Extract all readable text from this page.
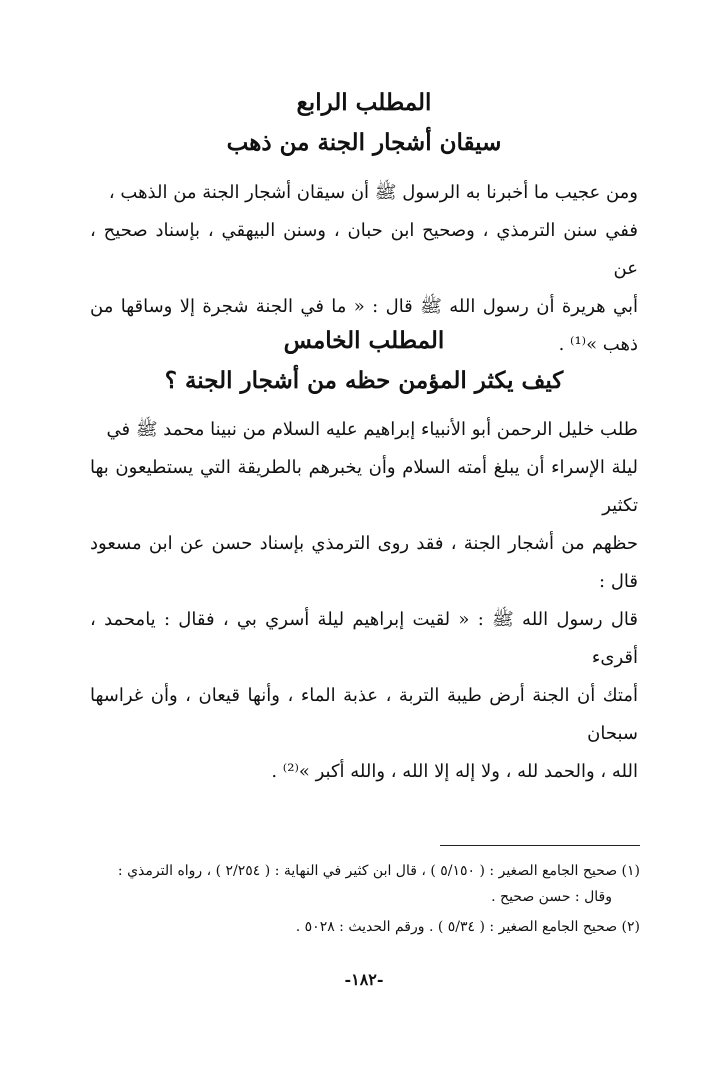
المطلب الرابع
سيقان أشجار الجنة من ذهب
ومن عجيب ما أخبرنا به الرسول ﷺ أن سيقان أشجار الجنة من الذهب ،
ففي سنن الترمذي ، وصحيح ابن حبان ، وسنن البيهقي ، بإسناد صحيح ، عن
أبي هريرة أن رسول الله ﷺ قال : « ما في الجنة شجرة إلا وساقها من ذهب »⁽¹⁾ .
المطلب الخامس
كيف يكثر المؤمن حظه من أشجار الجنة ؟
طلب خليل الرحمن أبو الأنبياء إبراهيم عليه السلام من نبينا محمد ﷺ في
ليلة الإسراء أن يبلغ أمته السلام وأن يخبرهم بالطريقة التي يستطيعون بها تكثير
حظهم من أشجار الجنة ، فقد روى الترمذي بإسناد حسن عن ابن مسعود قال :
قال رسول الله ﷺ : « لقيت إبراهيم ليلة أسري بي ، فقال : يامحمد ، أقرىء
أمتك أن الجنة أرض طيبة التربة ، عذبة الماء ، وأنها قيعان ، وأن غراسها سبحان
الله ، والحمد لله ، ولا إله إلا الله ، والله أكبر »⁽²⁾ .
(١) صحيح الجامع الصغير : ( ٥/١٥٠ ) ، قال ابن كثير في النهاية : ( ٢/٢٥٤ ) ، رواه الترمذي :
وقال : حسن صحيح .
(٢) صحيح الجامع الصغير : ( ٥/٣٤ ) . ورقم الحديث : ٥٠٢٨ .
-١٨٢-
